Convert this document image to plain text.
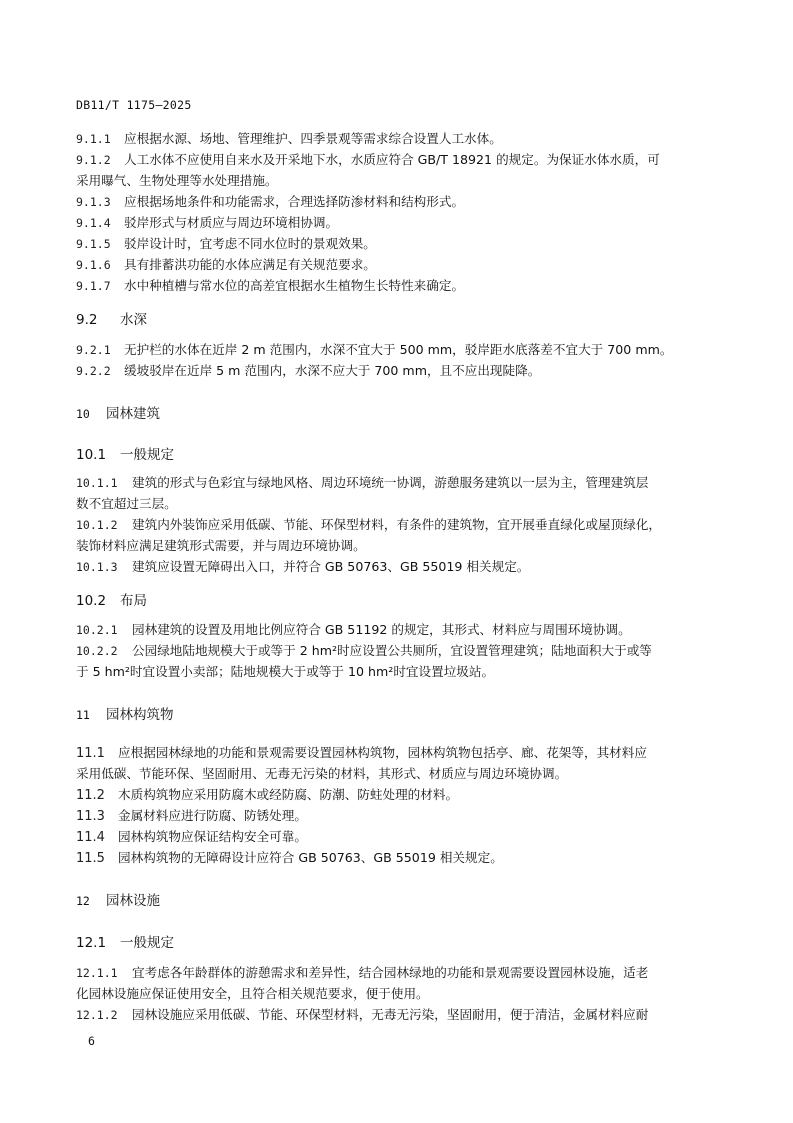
DB11/T 1175—2025
9.1.1 应根据水源、场地、管理维护、四季景观等需求综合设置人工水体。
9.1.2 人工水体不应使用自来水及开采地下水，水质应符合 GB/T 18921 的规定。为保证水体水质，可
采用曝气、生物处理等水处理措施。
9.1.3 应根据场地条件和功能需求，合理选择防渗材料和结构形式。
9.1.4 驳岸形式与材质应与周边环境相协调。
9.1.5 驳岸设计时，宜考虑不同水位时的景观效果。
9.1.6 具有排蓄洪功能的水体应满足有关规范要求。
9.1.7 水中种植槽与常水位的高差宜根据水生植物生长特性来确定。
9.2 水深
9.2.1 无护栏的水体在近岸 2 m 范围内，水深不宜大于 500 mm，驳岸距水底落差不宜大于 700 mm。
9.2.2 缓坡驳岸在近岸 5 m 范围内，水深不应大于 700 mm，且不应出现陡降。
10 园林建筑
10.1 一般规定
10.1.1 建筑的形式与色彩宜与绿地风格、周边环境统一协调，游憩服务建筑以一层为主，管理建筑层
数不宜超过三层。
10.1.2 建筑内外装饰应采用低碳、节能、环保型材料，有条件的建筑物，宜开展垂直绿化或屋顶绿化，
装饰材料应满足建筑形式需要，并与周边环境协调。
10.1.3 建筑应设置无障碍出入口，并符合 GB 50763、GB 55019 相关规定。
10.2 布局
10.2.1 园林建筑的设置及用地比例应符合 GB 51192 的规定，其形式、材料应与周围环境协调。
10.2.2 公园绿地陆地规模大于或等于 2 hm²时应设置公共厕所，宜设置管理建筑；陆地面积大于或等
于 5 hm²时宜设置小卖部；陆地规模大于或等于 10 hm²时宜设置垃圾站。
11 园林构筑物
11.1 应根据园林绿地的功能和景观需要设置园林构筑物，园林构筑物包括亭、廊、花架等，其材料应
采用低碳、节能环保、坚固耐用、无毒无污染的材料，其形式、材质应与周边环境协调。
11.2 木质构筑物应采用防腐木或经防腐、防潮、防蛀处理的材料。
11.3 金属材料应进行防腐、防锈处理。
11.4 园林构筑物应保证结构安全可靠。
11.5 园林构筑物的无障碍设计应符合 GB 50763、GB 55019 相关规定。
12 园林设施
12.1 一般规定
12.1.1 宜考虑各年龄群体的游憩需求和差异性，结合园林绿地的功能和景观需要设置园林设施，适老
化园林设施应保证使用安全，且符合相关规范要求，便于使用。
12.1.2 园林设施应采用低碳、节能、环保型材料，无毒无污染，坚固耐用，便于清洁，金属材料应耐
6
